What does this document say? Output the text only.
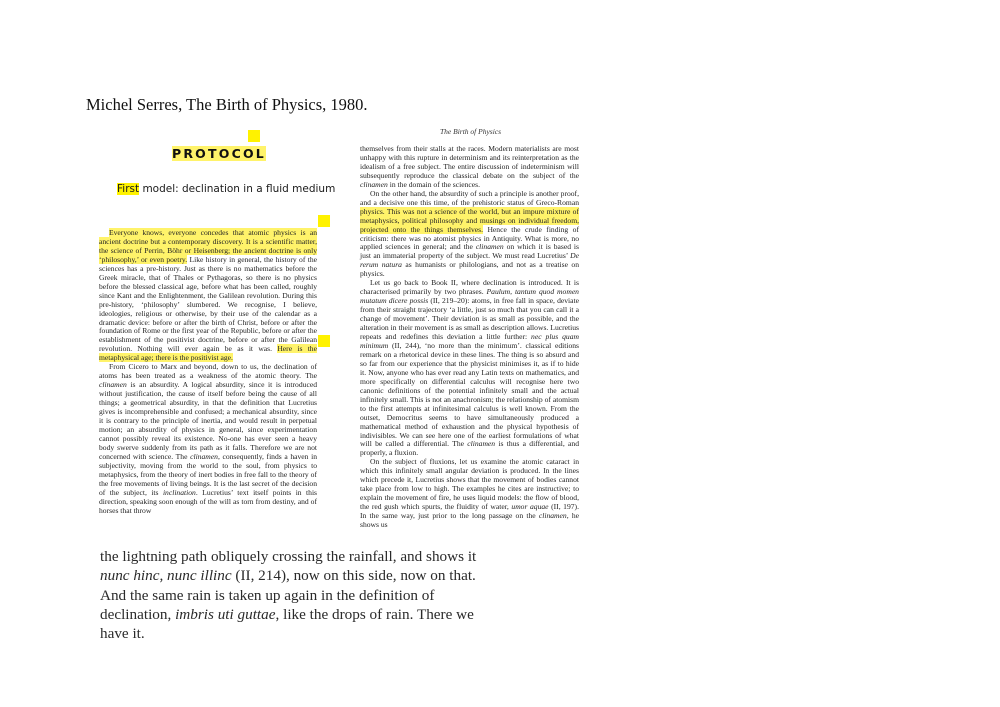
Michel Serres, The Birth of Physics, 1980.
PROTOCOL
First model: declination in a fluid medium

Everyone knows, everyone concedes that atomic physics is an ancient doctrine but a contemporary discovery. It is a scientific matter, the science of Perrin, Böhr or Heisenberg; the ancient doctrine is only ‘philosophy,’ or even poetry. Like history in general, the history of the sciences has a pre-history. Just as there is no mathematics before the Greek miracle, that of Thales or Pythagoras, so there is no physics before the blessed classical age, before what has been called, roughly since Kant and the Enlightenment, the Galilean revolution. During this pre-history, ‘philosophy’ slumbered. We recognise, I believe, ideologies, religious or otherwise, by their use of the calendar as a dramatic device: before or after the birth of Christ, before or after the foundation of Rome or the first year of the Republic, before or after the establishment of the positivist doctrine, before or after the Galilean revolution. Nothing will ever again be as it was. Here is the metaphysical age; there is the positivist age.

From Cicero to Marx and beyond, down to us, the declination of atoms has been treated as a weakness of the atomic theory. The clinamen is an absurdity. A logical absurdity, since it is introduced without justification, the cause of itself before being the cause of all things; a geometrical absurdity, in that the definition that Lucretius gives is incomprehensible and confused; a mechanical absurdity, since it is contrary to the principle of inertia, and would result in perpetual motion; an absurdity of physics in general, since experimentation cannot possibly reveal its existence. No-one has ever seen a heavy body swerve suddenly from its path as it falls. Therefore we are not concerned with science. The clinamen, consequently, finds a haven in subjectivity, moving from the world to the soul, from physics to metaphysics, from the theory of inert bodies in free fall to the theory of the free movements of living beings. It is the last secret of the decision of the subject, its inclination. Lucretius’ text itself points in this direction, speaking soon enough of the will as torn from destiny, and of horses that throw

The Birth of Physics

themselves from their stalls at the races. Modern materialists are most unhappy with this rupture in determinism and its reinterpretation as the idealism of a free subject. The entire discussion of indeterminism will subsequently reproduce the classical debate on the subject of the clinamen in the domain of the sciences.

On the other hand, the absurdity of such a principle is another proof, and a decisive one this time, of the prehistoric status of Greco-Roman physics. This was not a science of the world, but an impure mixture of metaphysics, political philosophy and musings on individual freedom, projected onto the things themselves. Hence the crude finding of criticism: there was no atomist physics in Antiquity. What is more, no applied sciences in general; and the clinamen on which it is based is just an immaterial property of the subject. We must read Lucretius’ De rerum natura as humanists or philologians, and not as a treatise on physics.

Let us go back to Book II, where declination is introduced. It is characterised primarily by two phrases. Paulum, tantum quod momen mutatum dicere possis (II, 219–20): atoms, in free fall in space, deviate from their straight trajectory ‘a little, just so much that you can call it a change of movement’. Their deviation is as small as possible, and the alteration in their movement is as small as description allows. Lucretius repeats and redefines this deviation a little further: nec plus quam minimum (II, 244), ‘no more than the minimum’. classical editions remark on a rhetorical device in these lines. The thing is so absurd and so far from our experience that the physicist minimises it, as if to hide it. Now, anyone who has ever read any Latin texts on mathematics, and more specifically on differential calculus will recognise here two canonic definitions of the potential infinitely small and the actual infinitely small. This is not an anachronism; the relationship of atomism to the first attempts at infinitesimal calculus is well known. From the outset, Democritus seems to have simultaneously produced a mathematical method of exhaustion and the physical hypothesis of indivisibles. We can see here one of the earliest formulations of what will be called a differential. The clinamen is thus a differential, and properly, a fluxion.

On the subject of fluxions, let us examine the atomic cataract in which this infinitely small angular deviation is produced. In the lines which precede it, Lucretius shows that the movement of bodies cannot take place from low to high. The examples he cites are instructive; to explain the movement of fire, he uses liquid models: the flow of blood, the red gush which spurts, the fluidity of water, umor aquae (II, 197). In the same way, just prior to the long passage on the clinamen, he shows us

the lightning path obliquely crossing the rainfall, and shows it nunc hinc, nunc illinc (II, 214), now on this side, now on that. And the same rain is taken up again in the definition of declination, imbris uti guttae, like the drops of rain. There we have it.
